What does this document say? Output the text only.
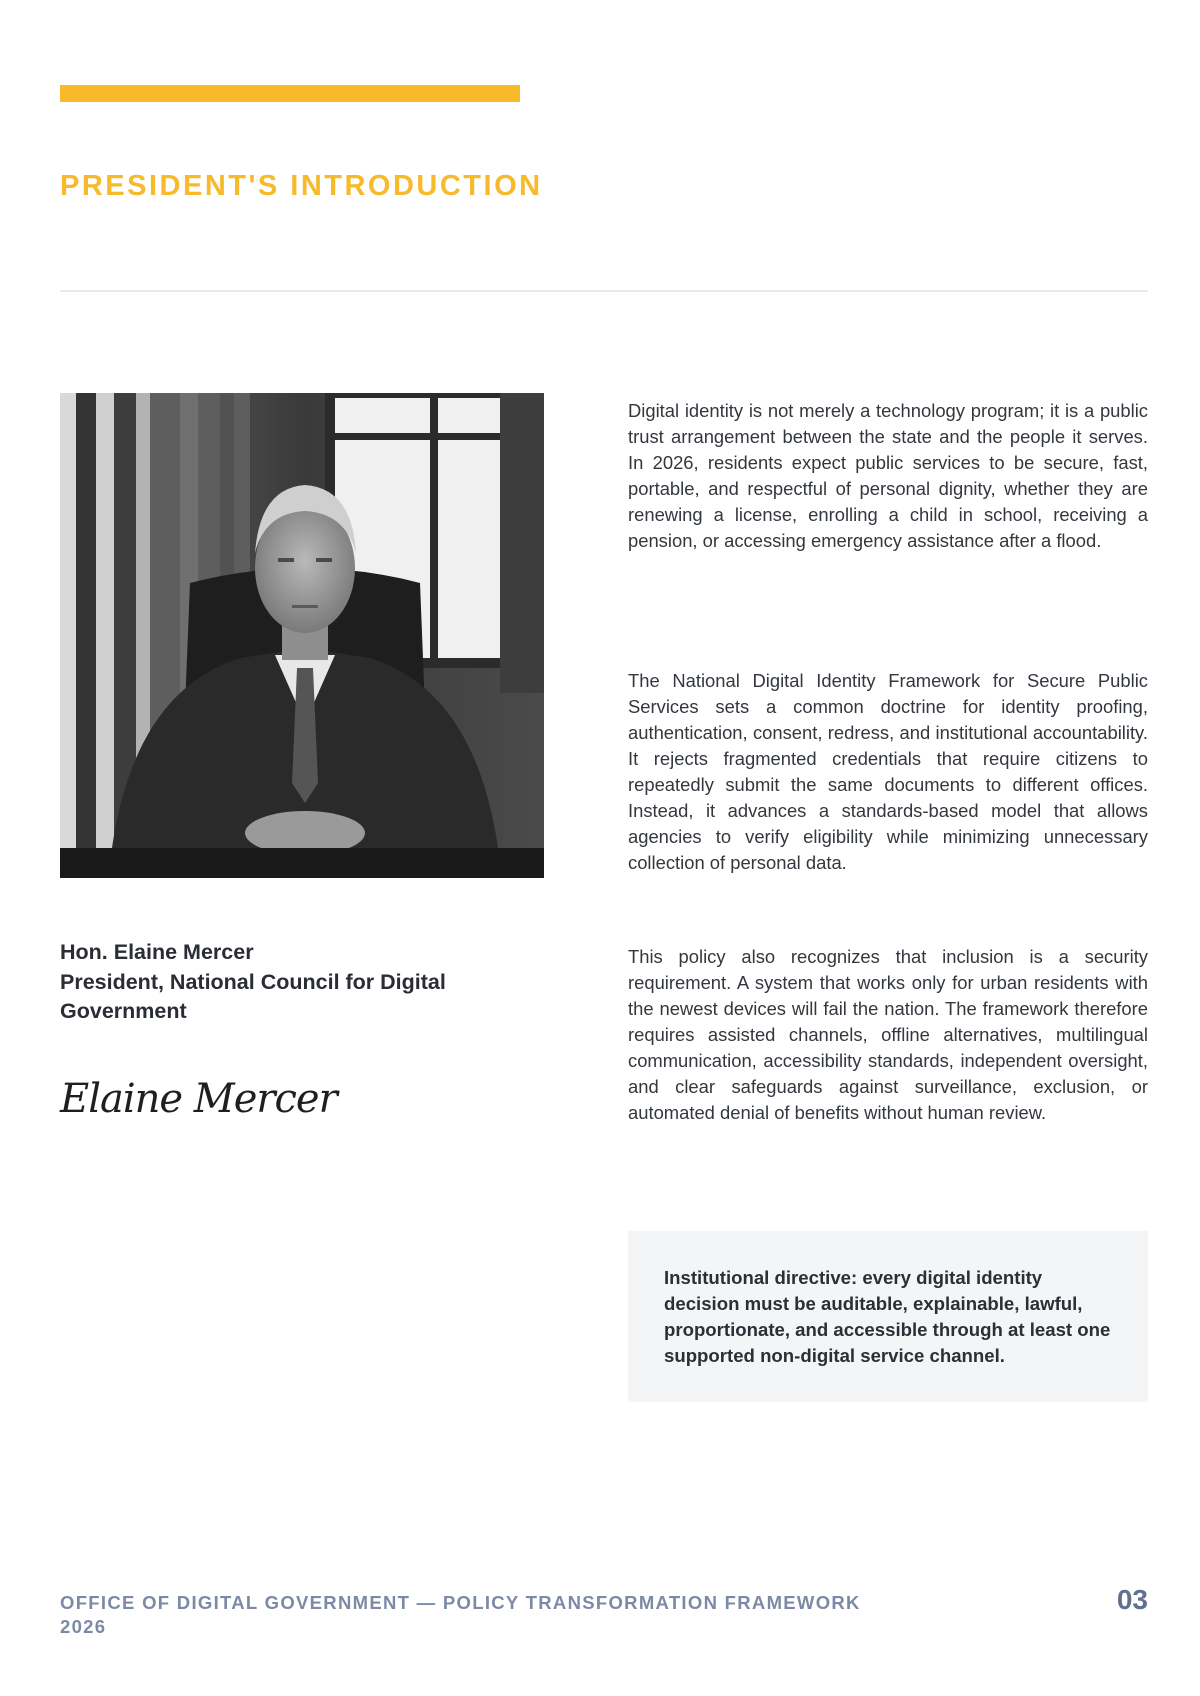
PRESIDENT'S INTRODUCTION
Hon. Elaine Mercer
President, National Council for Digital Government
Elaine Mercer

Digital identity is not merely a technology program; it is a public trust arrangement between the state and the people it serves. In 2026, residents expect public services to be secure, fast, portable, and respectful of personal dignity, whether they are renewing a license, enrolling a child in school, receiving a pension, or accessing emergency assistance after a flood.

The National Digital Identity Framework for Secure Public Services sets a common doctrine for identity proofing, authentication, consent, redress, and institutional accountability. It rejects fragmented credentials that require citizens to repeatedly submit the same documents to different offices. Instead, it advances a standards-based model that allows agencies to verify eligibility while minimizing unnecessary collection of personal data.

This policy also recognizes that inclusion is a security requirement. A system that works only for urban residents with the newest devices will fail the nation. The framework therefore requires assisted channels, offline alternatives, multilingual communication, accessibility standards, independent oversight, and clear safeguards against surveillance, exclusion, or automated denial of benefits without human review.

Institutional directive: every digital identity decision must be auditable, explainable, lawful, proportionate, and accessible through at least one supported non-digital service channel.

OFFICE OF DIGITAL GOVERNMENT — POLICY TRANSFORMATION FRAMEWORK 2026

03
